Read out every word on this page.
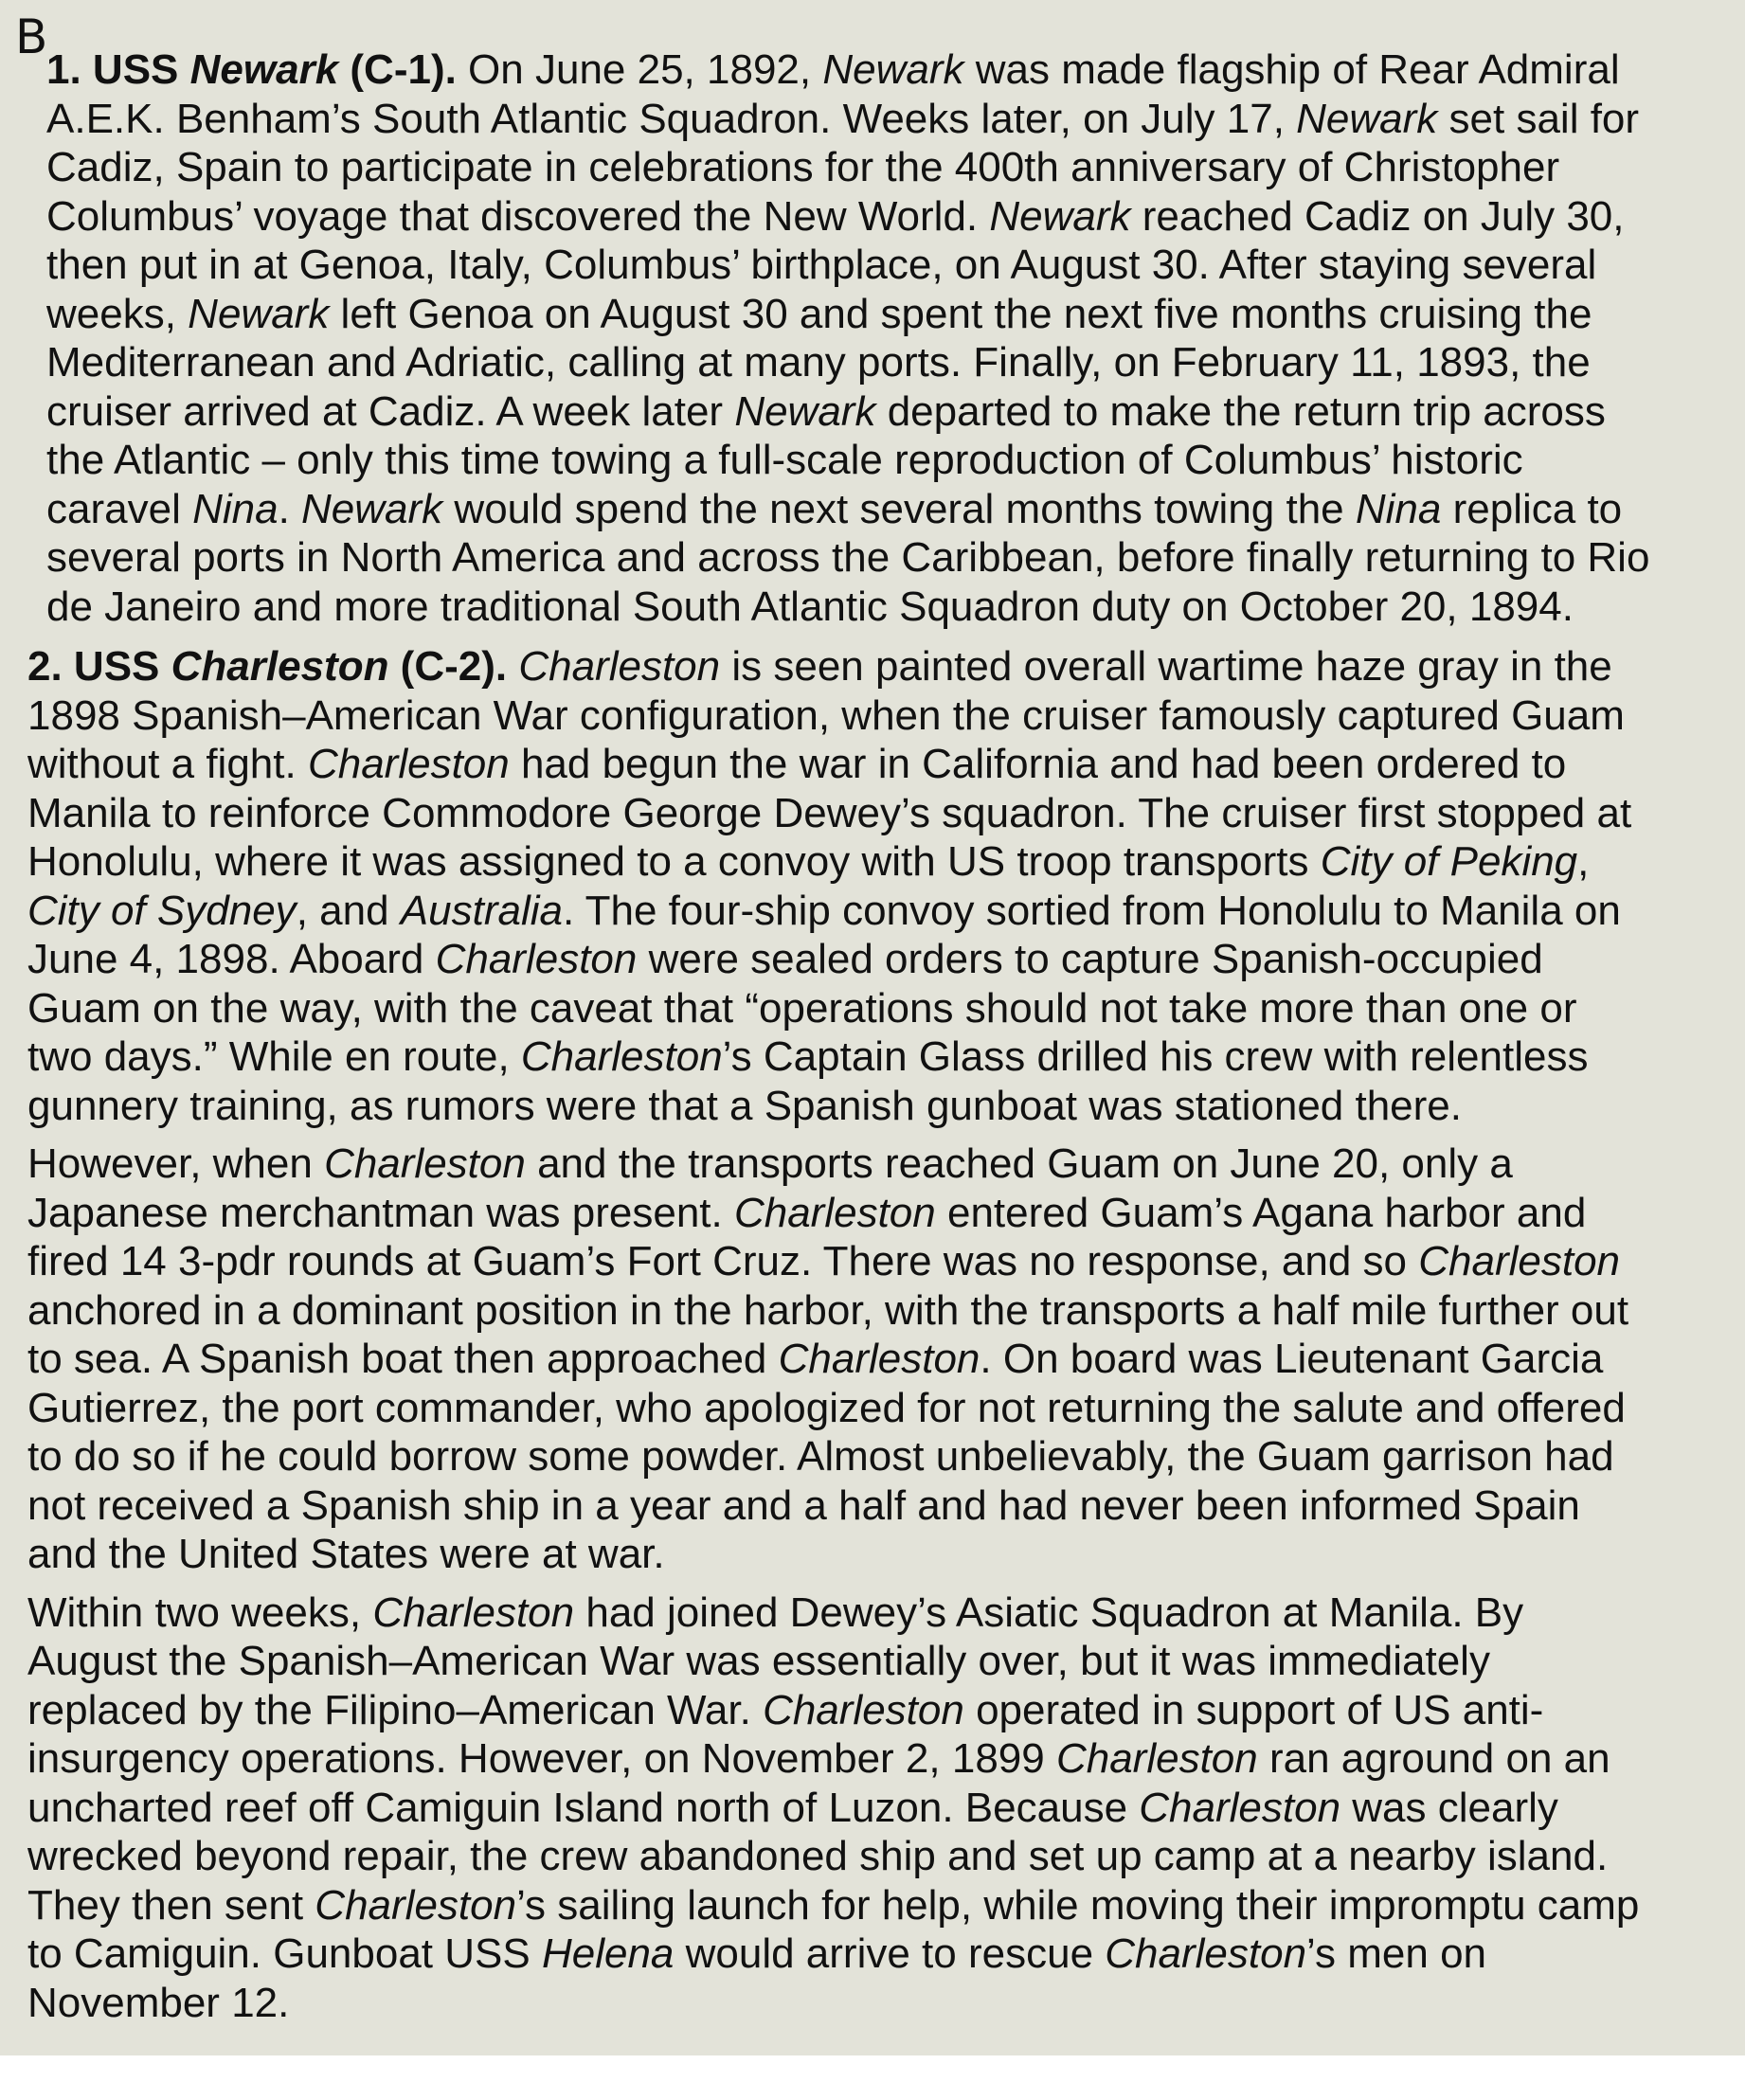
B

1. USS Newark (C-1). On June 25, 1892, Newark was made flagship of Rear Admiral
A.E.K. Benham’s South Atlantic Squadron. Weeks later, on July 17, Newark set sail for
Cadiz, Spain to participate in celebrations for the 400th anniversary of Christopher
Columbus’ voyage that discovered the New World. Newark reached Cadiz on July 30,
then put in at Genoa, Italy, Columbus’ birthplace, on August 30. After staying several
weeks, Newark left Genoa on August 30 and spent the next five months cruising the
Mediterranean and Adriatic, calling at many ports. Finally, on February 11, 1893, the
cruiser arrived at Cadiz. A week later Newark departed to make the return trip across
the Atlantic – only this time towing a full-scale reproduction of Columbus’ historic
caravel Nina. Newark would spend the next several months towing the Nina replica to
several ports in North America and across the Caribbean, before finally returning to Rio
de Janeiro and more traditional South Atlantic Squadron duty on October 20, 1894.

2. USS Charleston (C-2). Charleston is seen painted overall wartime haze gray in the
1898 Spanish–American War configuration, when the cruiser famously captured Guam
without a fight. Charleston had begun the war in California and had been ordered to
Manila to reinforce Commodore George Dewey’s squadron. The cruiser first stopped at
Honolulu, where it was assigned to a convoy with US troop transports City of Peking,
City of Sydney, and Australia. The four-ship convoy sortied from Honolulu to Manila on
June 4, 1898. Aboard Charleston were sealed orders to capture Spanish-occupied
Guam on the way, with the caveat that “operations should not take more than one or
two days.” While en route, Charleston’s Captain Glass drilled his crew with relentless
gunnery training, as rumors were that a Spanish gunboat was stationed there.

However, when Charleston and the transports reached Guam on June 20, only a
Japanese merchantman was present. Charleston entered Guam’s Agana harbor and
fired 14 3-pdr rounds at Guam’s Fort Cruz. There was no response, and so Charleston
anchored in a dominant position in the harbor, with the transports a half mile further out
to sea. A Spanish boat then approached Charleston. On board was Lieutenant Garcia
Gutierrez, the port commander, who apologized for not returning the salute and offered
to do so if he could borrow some powder. Almost unbelievably, the Guam garrison had
not received a Spanish ship in a year and a half and had never been informed Spain
and the United States were at war.

Within two weeks, Charleston had joined Dewey’s Asiatic Squadron at Manila. By
August the Spanish–American War was essentially over, but it was immediately
replaced by the Filipino–American War. Charleston operated in support of US anti-
insurgency operations. However, on November 2, 1899 Charleston ran aground on an
uncharted reef off Camiguin Island north of Luzon. Because Charleston was clearly
wrecked beyond repair, the crew abandoned ship and set up camp at a nearby island.
They then sent Charleston’s sailing launch for help, while moving their impromptu camp
to Camiguin. Gunboat USS Helena would arrive to rescue Charleston’s men on
November 12.
